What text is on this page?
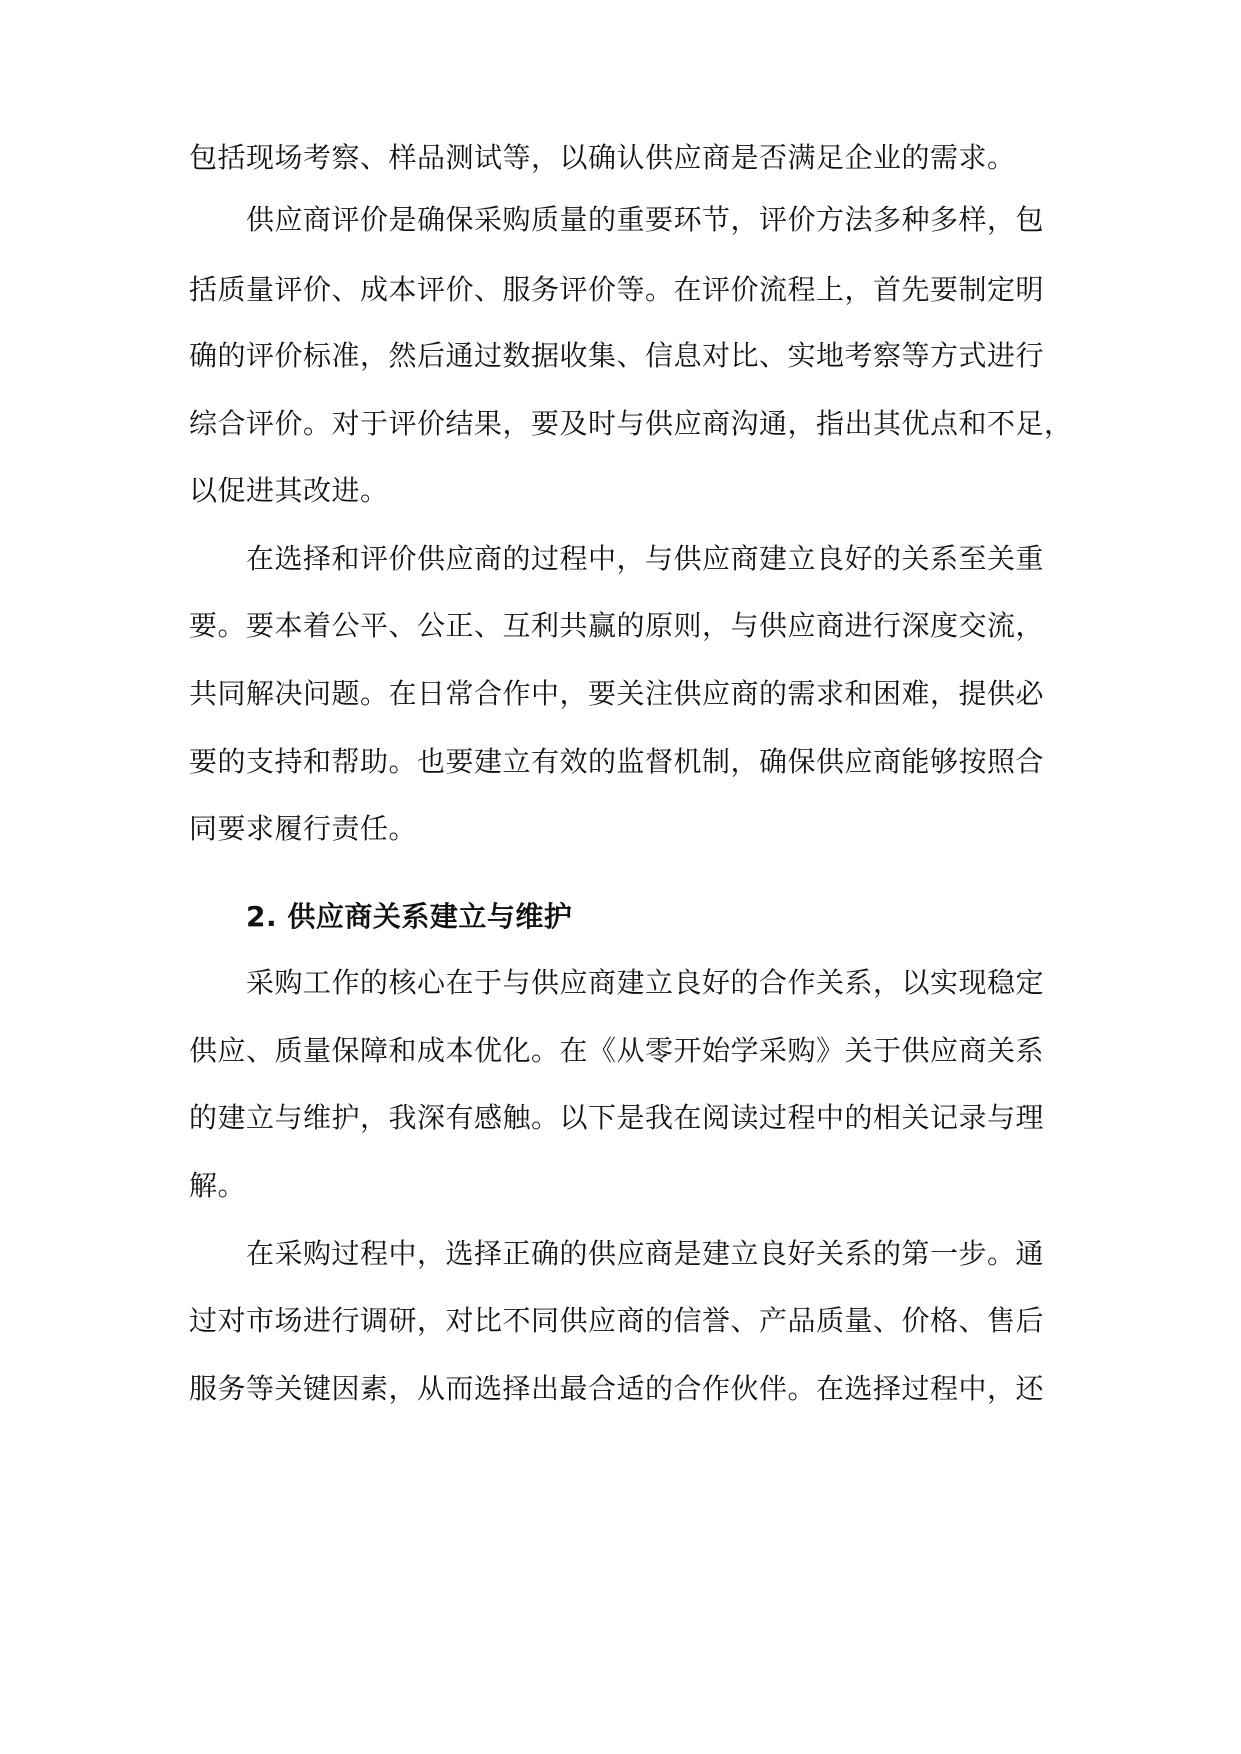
包括现场考察、样品测试等，以确认供应商是否满足企业的需求。
供应商评价是确保采购质量的重要环节，评价方法多种多样，包
括质量评价、成本评价、服务评价等。在评价流程上，首先要制定明
确的评价标准，然后通过数据收集、信息对比、实地考察等方式进行
综合评价。对于评价结果，要及时与供应商沟通，指出其优点和不足，
以促进其改进。
在选择和评价供应商的过程中，与供应商建立良好的关系至关重
要。要本着公平、公正、互利共赢的原则，与供应商进行深度交流，
共同解决问题。在日常合作中，要关注供应商的需求和困难，提供必
要的支持和帮助。也要建立有效的监督机制，确保供应商能够按照合
同要求履行责任。
2. 供应商关系建立与维护
采购工作的核心在于与供应商建立良好的合作关系，以实现稳定
供应、质量保障和成本优化。在《从零开始学采购》关于供应商关系
的建立与维护，我深有感触。以下是我在阅读过程中的相关记录与理
解。
在采购过程中，选择正确的供应商是建立良好关系的第一步。通
过对市场进行调研，对比不同供应商的信誉、产品质量、价格、售后
服务等关键因素，从而选择出最合适的合作伙伴。在选择过程中，还
